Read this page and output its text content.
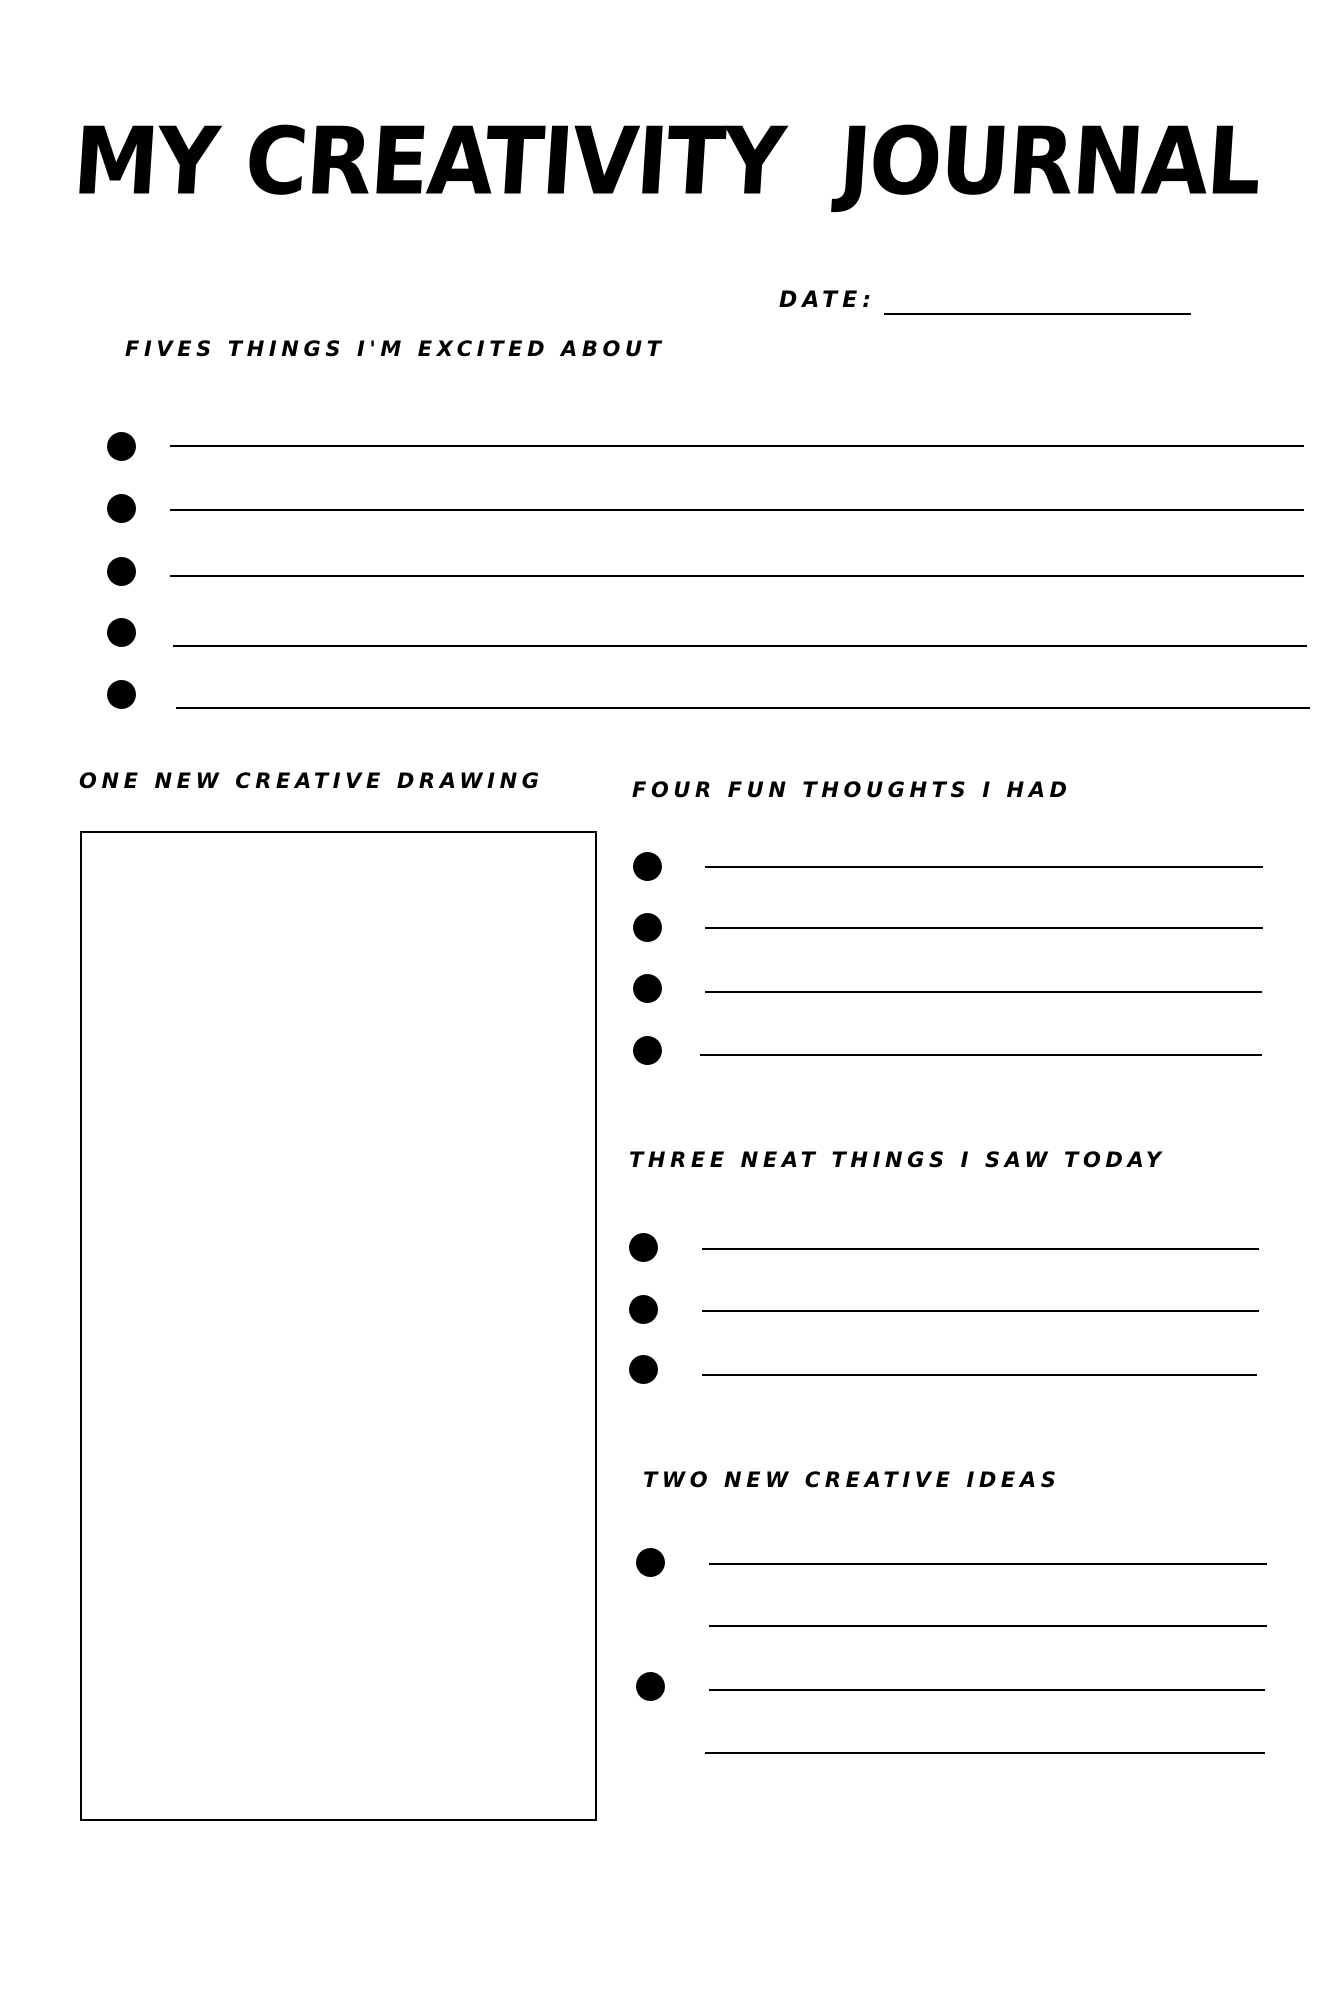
MY CREATIVITY  JOURNAL
DATE:
FIVES THINGS I'M EXCITED ABOUT
ONE NEW CREATIVE DRAWING	FOUR FUN THOUGHTS I HAD
THREE NEAT THINGS I SAW TODAY
TWO NEW CREATIVE IDEAS
